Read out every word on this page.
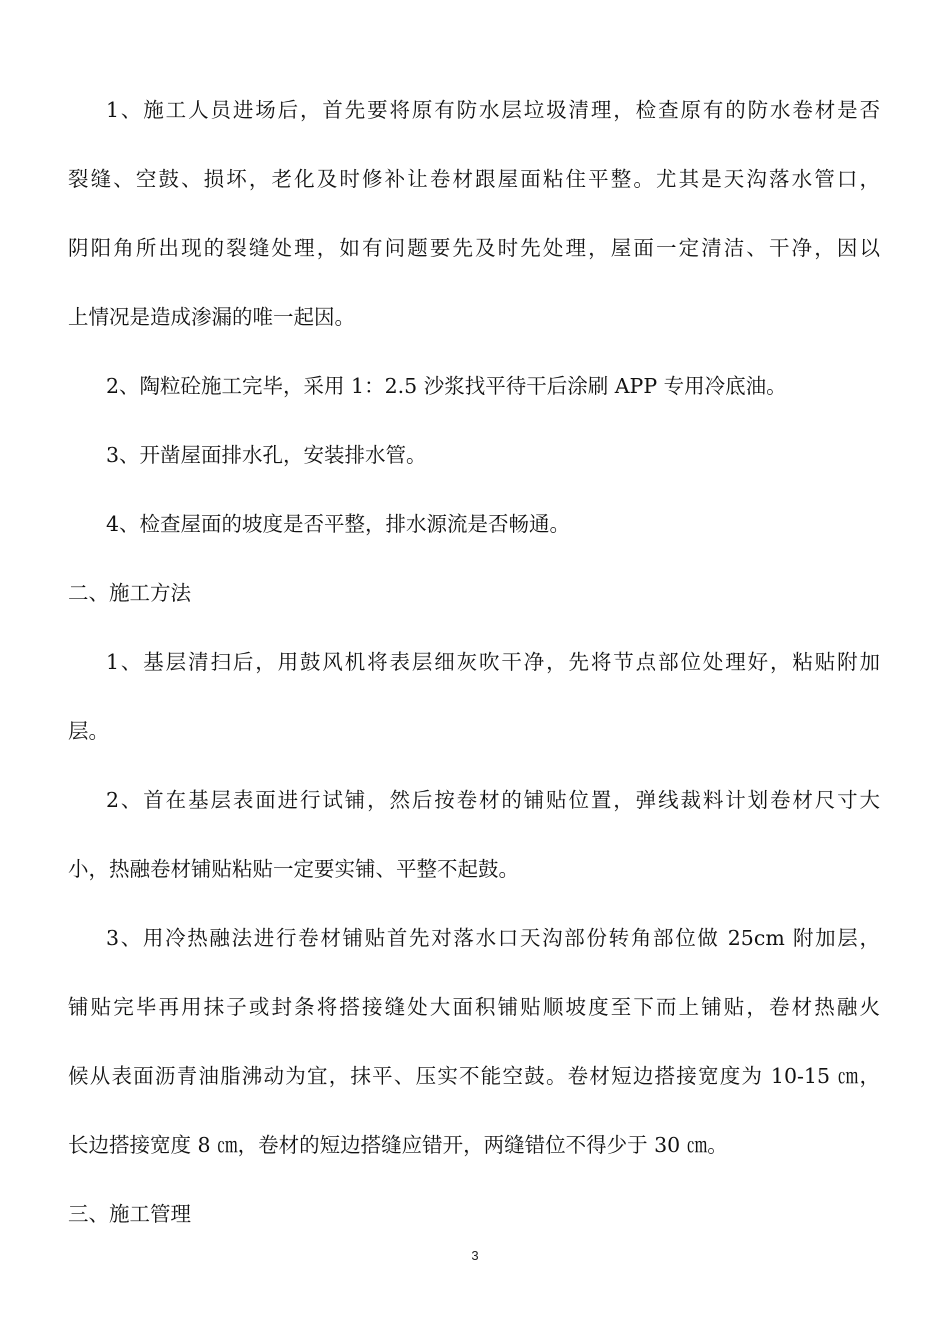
1、施工人员进场后，首先要将原有防水层垃圾清理，检查原有的防水卷材是否

裂缝、空鼓、损坏，老化及时修补让卷材跟屋面粘住平整。尤其是天沟落水管口，

阴阳角所出现的裂缝处理，如有问题要先及时先处理，屋面一定清洁、干净，因以

上情况是造成渗漏的唯一起因。

2、陶粒砼施工完毕，采用 1：2.5 沙浆找平待干后涂刷 APP 专用冷底油。

3、开凿屋面排水孔，安装排水管。

4、检查屋面的坡度是否平整，排水源流是否畅通。

二、施工方法

1、基层清扫后，用鼓风机将表层细灰吹干净，先将节点部位处理好，粘贴附加

层。

2、首在基层表面进行试铺，然后按卷材的铺贴位置，弹线裁料计划卷材尺寸大

小，热融卷材铺贴粘贴一定要实铺、平整不起鼓。

3、用冷热融法进行卷材铺贴首先对落水口天沟部份转角部位做 25cm 附加层，

铺贴完毕再用抹子或封条将搭接缝处大面积铺贴顺坡度至下而上铺贴，卷材热融火

候从表面沥青油脂沸动为宜，抹平、压实不能空鼓。卷材短边搭接宽度为 10-15 ㎝，

长边搭接宽度 8 ㎝，卷材的短边搭缝应错开，两缝错位不得少于 30 ㎝。

三、施工管理

3
